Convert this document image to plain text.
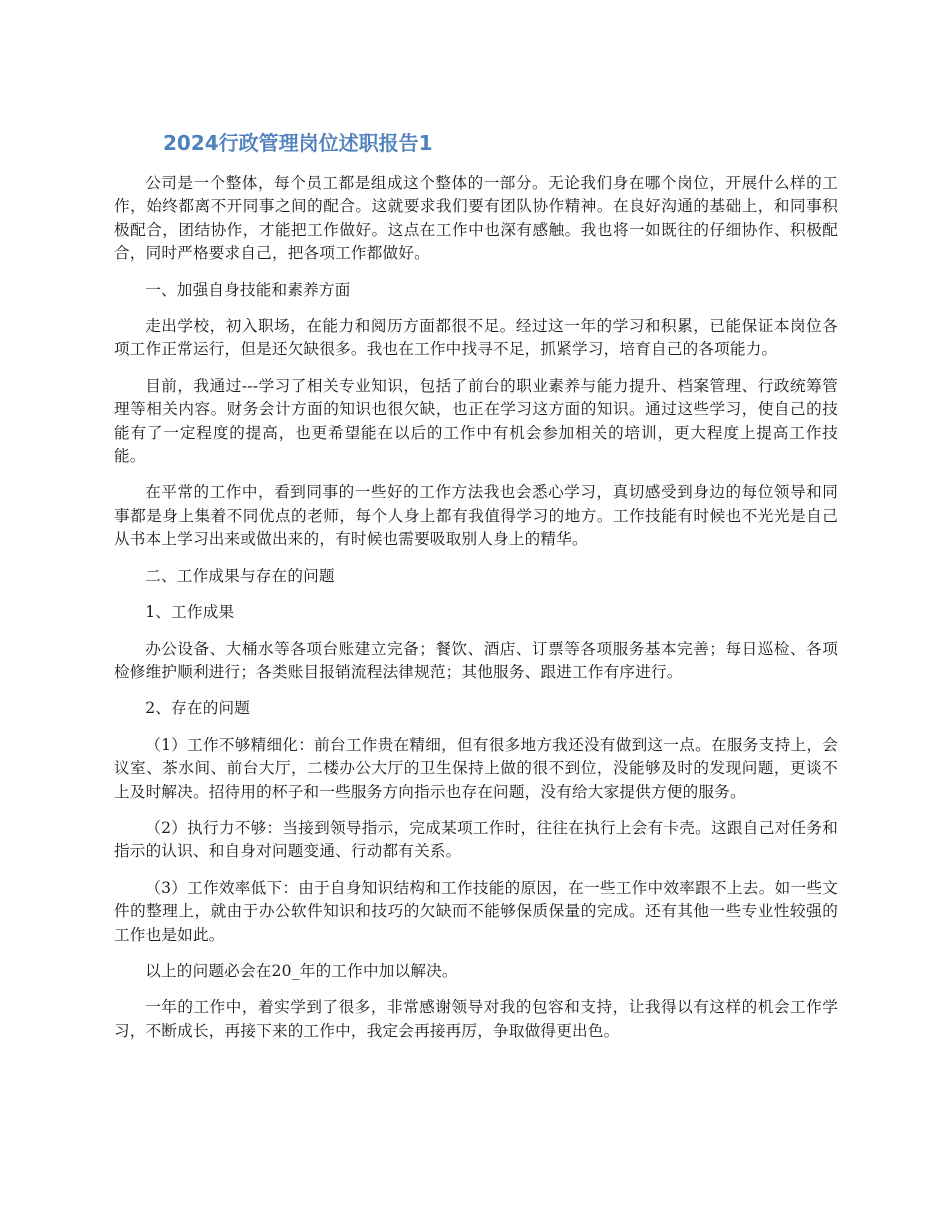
2024行政管理岗位述职报告1

公司是一个整体，每个员工都是组成这个整体的一部分。无论我们身在哪个岗位，开展什么样的工作，始终都离不开同事之间的配合。这就要求我们要有团队协作精神。在良好沟通的基础上，和同事积极配合，团结协作，才能把工作做好。这点在工作中也深有感触。我也将一如既往的仔细协作、积极配合，同时严格要求自己，把各项工作都做好。

一、加强自身技能和素养方面

走出学校，初入职场，在能力和阅历方面都很不足。经过这一年的学习和积累，已能保证本岗位各项工作正常运行，但是还欠缺很多。我也在工作中找寻不足，抓紧学习，培育自己的各项能力。

目前，我通过---学习了相关专业知识，包括了前台的职业素养与能力提升、档案管理、行政统筹管理等相关内容。财务会计方面的知识也很欠缺，也正在学习这方面的知识。通过这些学习，使自己的技能有了一定程度的提高，也更希望能在以后的工作中有机会参加相关的培训，更大程度上提高工作技能。

在平常的工作中，看到同事的一些好的工作方法我也会悉心学习，真切感受到身边的每位领导和同事都是身上集着不同优点的老师，每个人身上都有我值得学习的地方。工作技能有时候也不光光是自己从书本上学习出来或做出来的，有时候也需要吸取别人身上的精华。

二、工作成果与存在的问题

1、工作成果

办公设备、大桶水等各项台账建立完备；餐饮、酒店、订票等各项服务基本完善；每日巡检、各项检修维护顺利进行；各类账目报销流程法律规范；其他服务、跟进工作有序进行。

2、存在的问题

（1）工作不够精细化：前台工作贵在精细，但有很多地方我还没有做到这一点。在服务支持上，会议室、茶水间、前台大厅，二楼办公大厅的卫生保持上做的很不到位，没能够及时的发现问题，更谈不上及时解决。招待用的杯子和一些服务方向指示也存在问题，没有给大家提供方便的服务。

（2）执行力不够：当接到领导指示，完成某项工作时，往往在执行上会有卡壳。这跟自己对任务和指示的认识、和自身对问题变通、行动都有关系。

（3）工作效率低下：由于自身知识结构和工作技能的原因，在一些工作中效率跟不上去。如一些文件的整理上，就由于办公软件知识和技巧的欠缺而不能够保质保量的完成。还有其他一些专业性较强的工作也是如此。

以上的问题必会在20_年的工作中加以解决。

一年的工作中，着实学到了很多，非常感谢领导对我的包容和支持，让我得以有这样的机会工作学习，不断成长，再接下来的工作中，我定会再接再厉，争取做得更出色。
